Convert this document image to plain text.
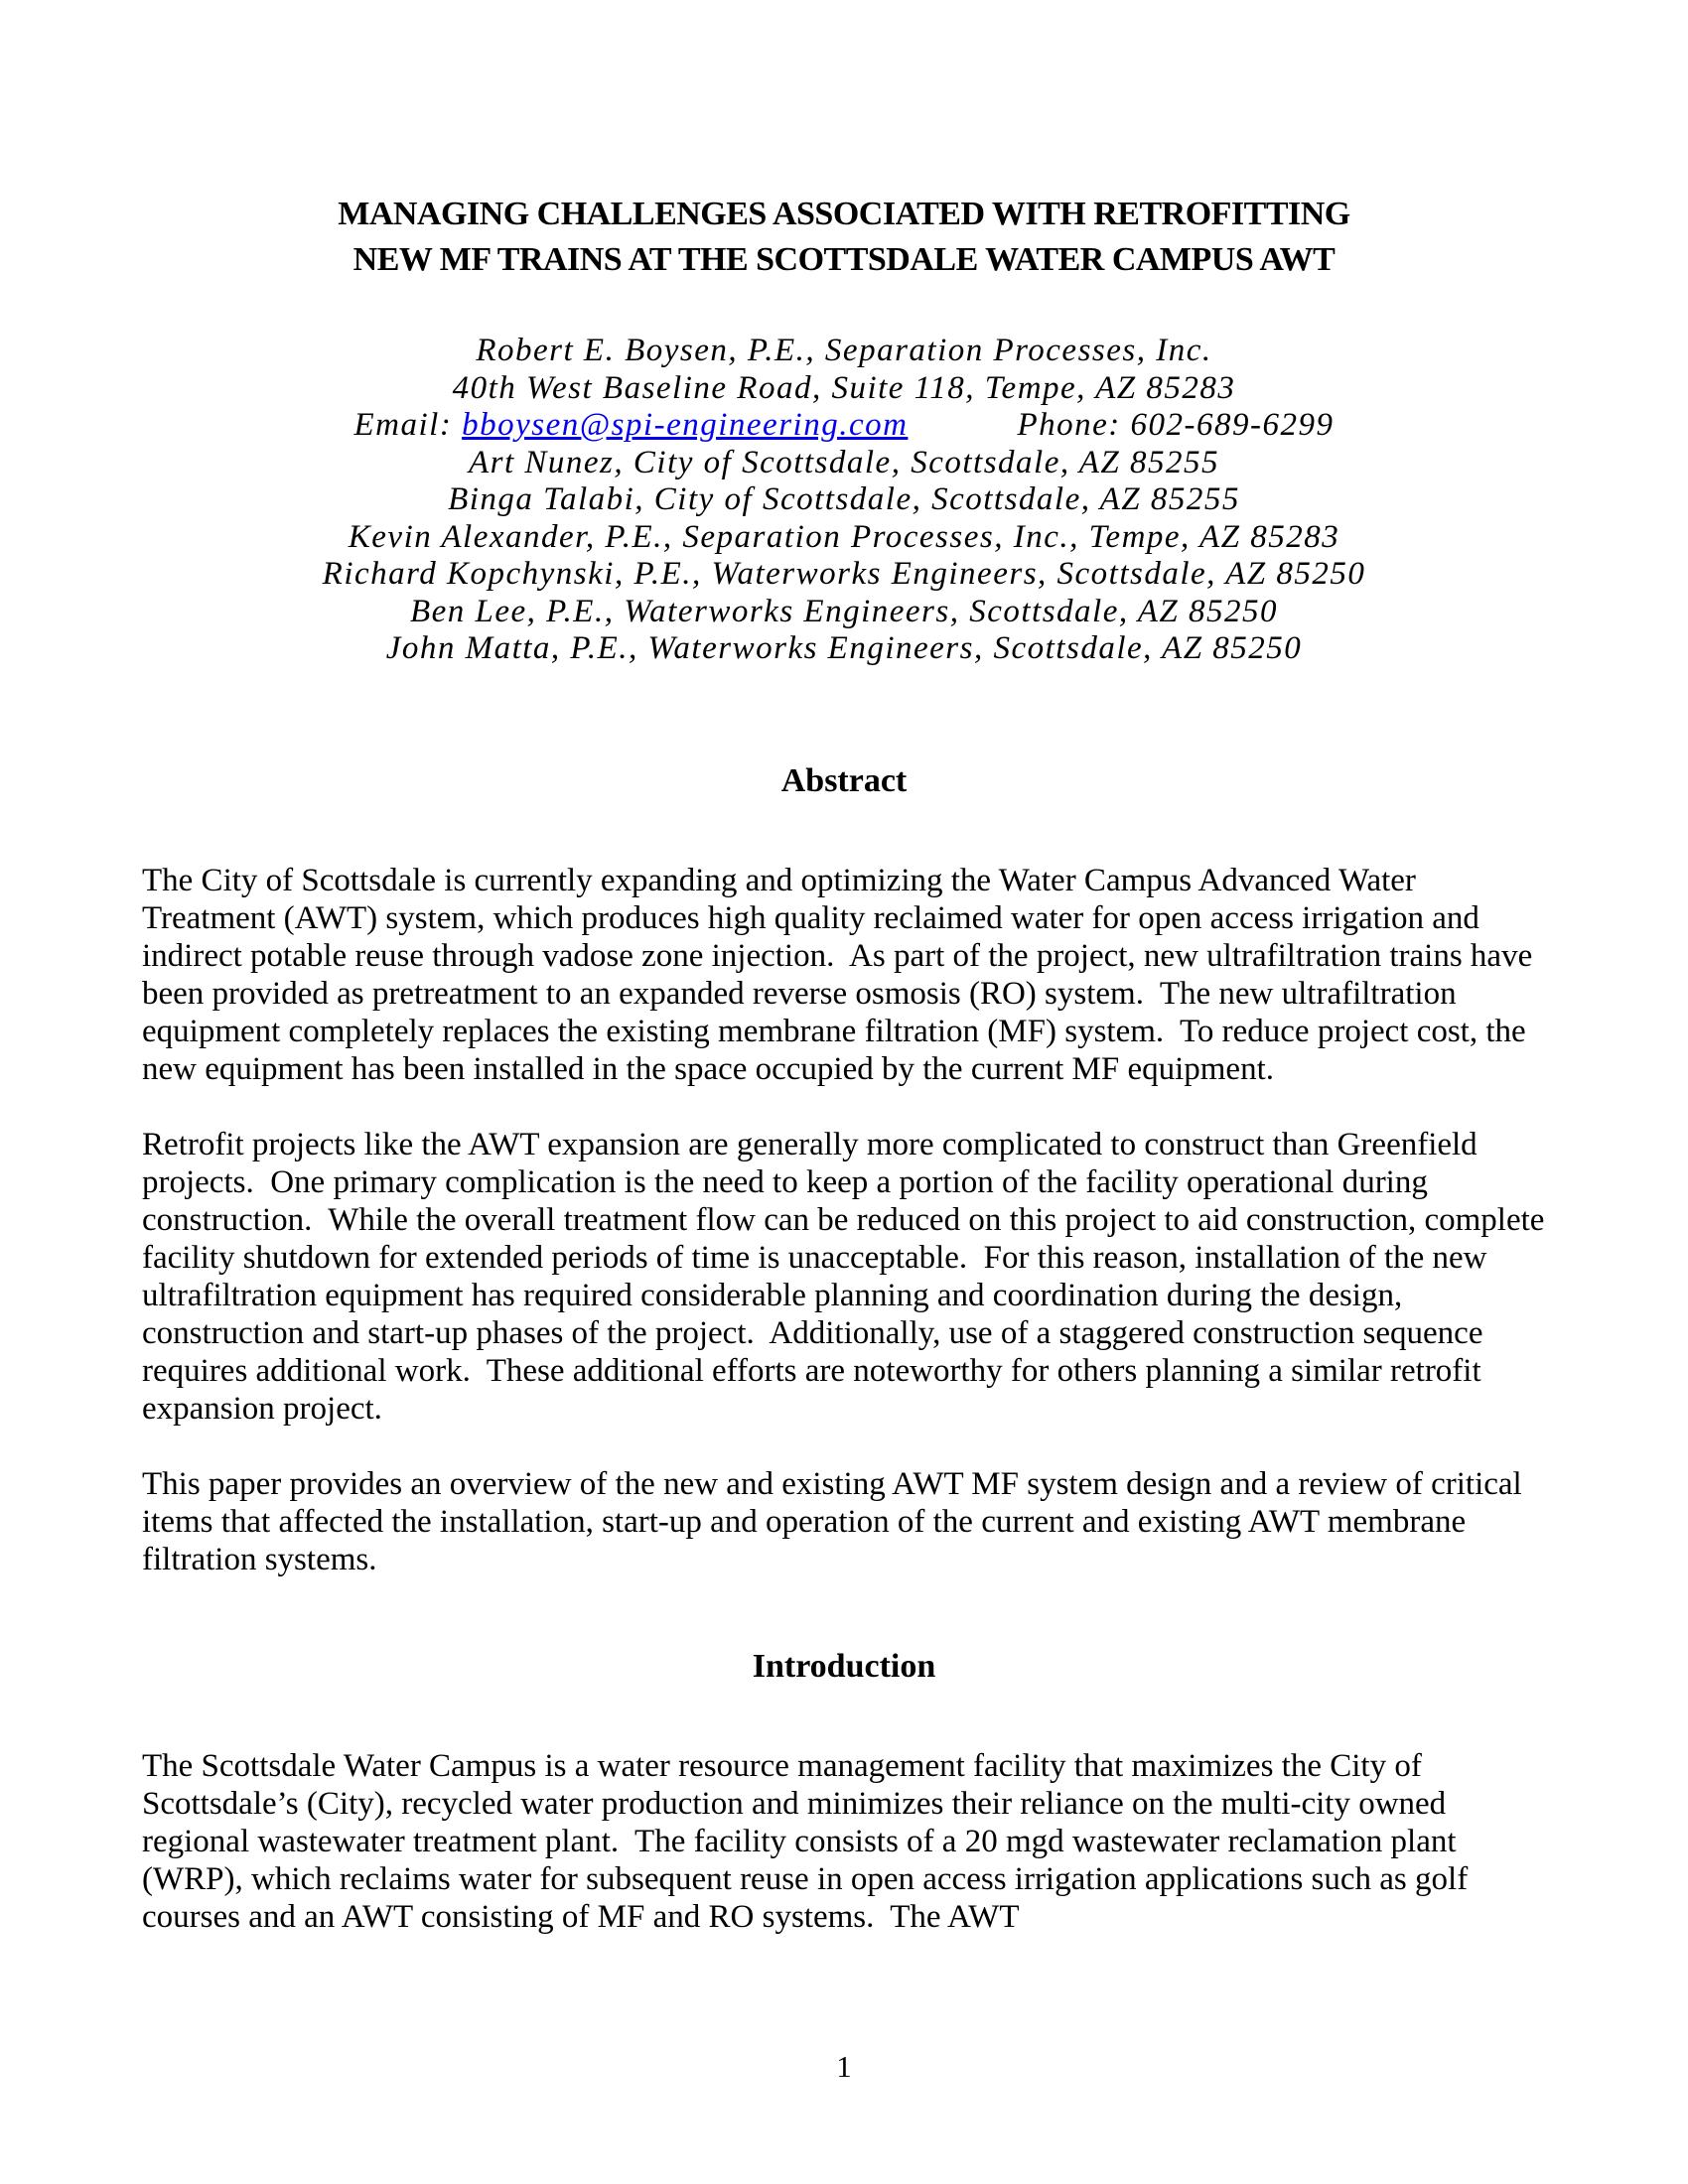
MANAGING CHALLENGES ASSOCIATED WITH RETROFITTING
NEW MF TRAINS AT THE SCOTTSDALE WATER CAMPUS AWT
Robert E. Boysen, P.E., Separation Processes, Inc.
40th West Baseline Road, Suite 118, Tempe, AZ 85283
Email: bboysen@spi-engineering.com	Phone: 602-689-6299
Art Nunez, City of Scottsdale, Scottsdale, AZ 85255
Binga Talabi, City of Scottsdale, Scottsdale, AZ 85255
Kevin Alexander, P.E., Separation Processes, Inc., Tempe, AZ 85283
Richard Kopchynski, P.E., Waterworks Engineers, Scottsdale, AZ 85250
Ben Lee, P.E., Waterworks Engineers, Scottsdale, AZ 85250
John Matta, P.E., Waterworks Engineers, Scottsdale, AZ 85250
Abstract

The City of Scottsdale is currently expanding and optimizing the Water Campus Advanced Water Treatment (AWT) system, which produces high quality reclaimed water for open access irrigation and indirect potable reuse through vadose zone injection.  As part of the project, new ultrafiltration trains have been provided as pretreatment to an expanded reverse osmosis (RO) system.  The new ultrafiltration equipment completely replaces the existing membrane filtration (MF) system.  To reduce project cost, the new equipment has been installed in the space occupied by the current MF equipment.

Retrofit projects like the AWT expansion are generally more complicated to construct than Greenfield projects.  One primary complication is the need to keep a portion of the facility operational during construction.  While the overall treatment flow can be reduced on this project to aid construction, complete facility shutdown for extended periods of time is unacceptable.  For this reason, installation of the new ultrafiltration equipment has required considerable planning and coordination during the design, construction and start-up phases of the project.  Additionally, use of a staggered construction sequence requires additional work.  These additional efforts are noteworthy for others planning a similar retrofit expansion project.

This paper provides an overview of the new and existing AWT MF system design and a review of critical items that affected the installation, start-up and operation of the current and existing AWT membrane filtration systems.

Introduction

The Scottsdale Water Campus is a water resource management facility that maximizes the City of Scottsdale’s (City), recycled water production and minimizes their reliance on the multi-city owned regional wastewater treatment plant.  The facility consists of a 20 mgd wastewater reclamation plant (WRP), which reclaims water for subsequent reuse in open access irrigation applications such as golf courses and an AWT consisting of MF and RO systems.  The AWT

1
